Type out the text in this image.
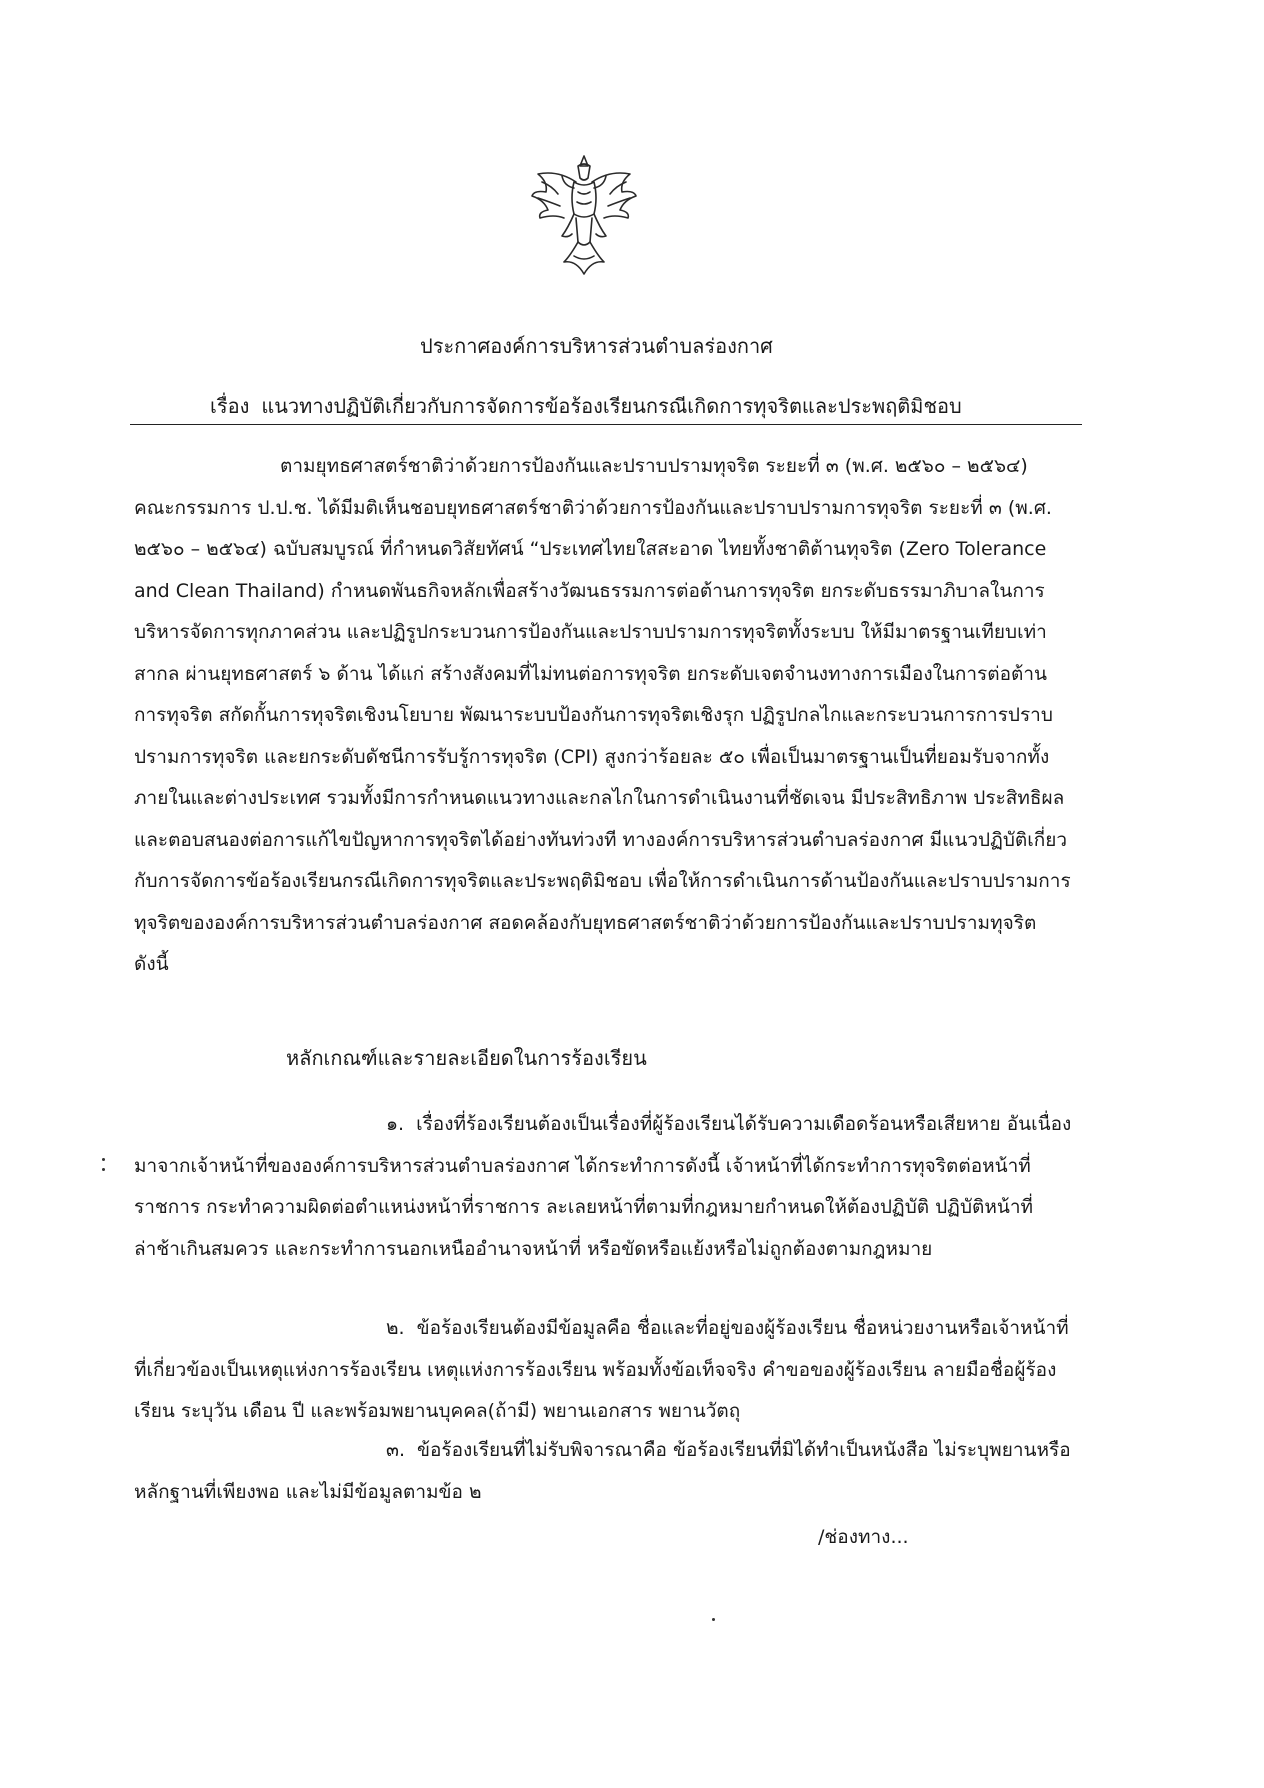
ประกาศองค์การบริหารส่วนตำบลร่องกาศ
เรื่อง แนวทางปฏิบัติเกี่ยวกับการจัดการข้อร้องเรียนกรณีเกิดการทุจริตและประพฤติมิชอบ
ตามยุทธศาสตร์ชาติว่าด้วยการป้องกันและปราบปรามทุจริต ระยะที่ ๓ (พ.ศ. ๒๕๖๐ – ๒๕๖๔) คณะกรรมการ ป.ป.ช. ได้มีมติเห็นชอบยุทธศาสตร์ชาติว่าด้วยการป้องกันและปราบปรามการทุจริต ระยะที่ ๓ (พ.ศ. ๒๕๖๐ – ๒๕๖๔) ฉบับสมบูรณ์ ที่กำหนดวิสัยทัศน์ “ประเทศไทยใสสะอาด ไทยทั้งชาติต้านทุจริต (Zero Tolerance and Clean Thailand) กำหนดพันธกิจหลักเพื่อสร้างวัฒนธรรมการต่อต้านการทุจริต ยกระดับธรรมาภิบาลในการบริหารจัดการทุกภาคส่วน และปฏิรูปกระบวนการป้องกันและปราบปรามการทุจริตทั้งระบบ ให้มีมาตรฐานเทียบเท่าสากล ผ่านยุทธศาสตร์ ๖ ด้าน ได้แก่ สร้างสังคมที่ไม่ทนต่อการทุจริต ยกระดับเจตจำนงทางการเมืองในการต่อต้านการทุจริต สกัดกั้นการทุจริตเชิงนโยบาย พัฒนาระบบป้องกันการทุจริตเชิงรุก ปฏิรูปกลไกและกระบวนการการปราบปรามการทุจริต และยกระดับดัชนีการรับรู้การทุจริต (CPI) สูงกว่าร้อยละ ๕๐ เพื่อเป็นมาตรฐานเป็นที่ยอมรับจากทั้งภายในและต่างประเทศ รวมทั้งมีการกำหนดแนวทางและกลไกในการดำเนินงานที่ชัดเจน มีประสิทธิภาพ ประสิทธิผล และตอบสนองต่อการแก้ไขปัญหาการทุจริตได้อย่างทันท่วงที ทางองค์การบริหารส่วนตำบลร่องกาศ มีแนวปฏิบัติเกี่ยวกับการจัดการข้อร้องเรียนกรณีเกิดการทุจริตและประพฤติมิชอบ เพื่อให้การดำเนินการด้านป้องกันและปราบปรามการทุจริตขององค์การบริหารส่วนตำบลร่องกาศ สอดคล้องกับยุทธศาสตร์ชาติว่าด้วยการป้องกันและปราบปรามทุจริต ดังนี้
หลักเกณฑ์และรายละเอียดในการร้องเรียน
๑. เรื่องที่ร้องเรียนต้องเป็นเรื่องที่ผู้ร้องเรียนได้รับความเดือดร้อนหรือเสียหาย อันเนื่องมาจากเจ้าหน้าที่ขององค์การบริหารส่วนตำบลร่องกาศ ได้กระทำการดังนี้ เจ้าหน้าที่ได้กระทำการทุจริตต่อหน้าที่ราชการ กระทำความผิดต่อตำแหน่งหน้าที่ราชการ ละเลยหน้าที่ตามที่กฎหมายกำหนดให้ต้องปฏิบัติ ปฏิบัติหน้าที่ล่าช้าเกินสมควร และกระทำการนอกเหนืออำนาจหน้าที่ หรือขัดหรือแย้งหรือไม่ถูกต้องตามกฎหมาย
๒. ข้อร้องเรียนต้องมีข้อมูลคือ ชื่อและที่อยู่ของผู้ร้องเรียน ชื่อหน่วยงานหรือเจ้าหน้าที่ที่เกี่ยวข้องเป็นเหตุแห่งการร้องเรียน เหตุแห่งการร้องเรียน พร้อมทั้งข้อเท็จจริง คำขอของผู้ร้องเรียน ลายมือชื่อผู้ร้องเรียน ระบุวัน เดือน ปี และพร้อมพยานบุคคล(ถ้ามี) พยานเอกสาร พยานวัตถุ
๓. ข้อร้องเรียนที่ไม่รับพิจารณาคือ ข้อร้องเรียนที่มิได้ทำเป็นหนังสือ ไม่ระบุพยานหรือหลักฐานที่เพียงพอ และไม่มีข้อมูลตามข้อ ๒
/ช่องทาง...
